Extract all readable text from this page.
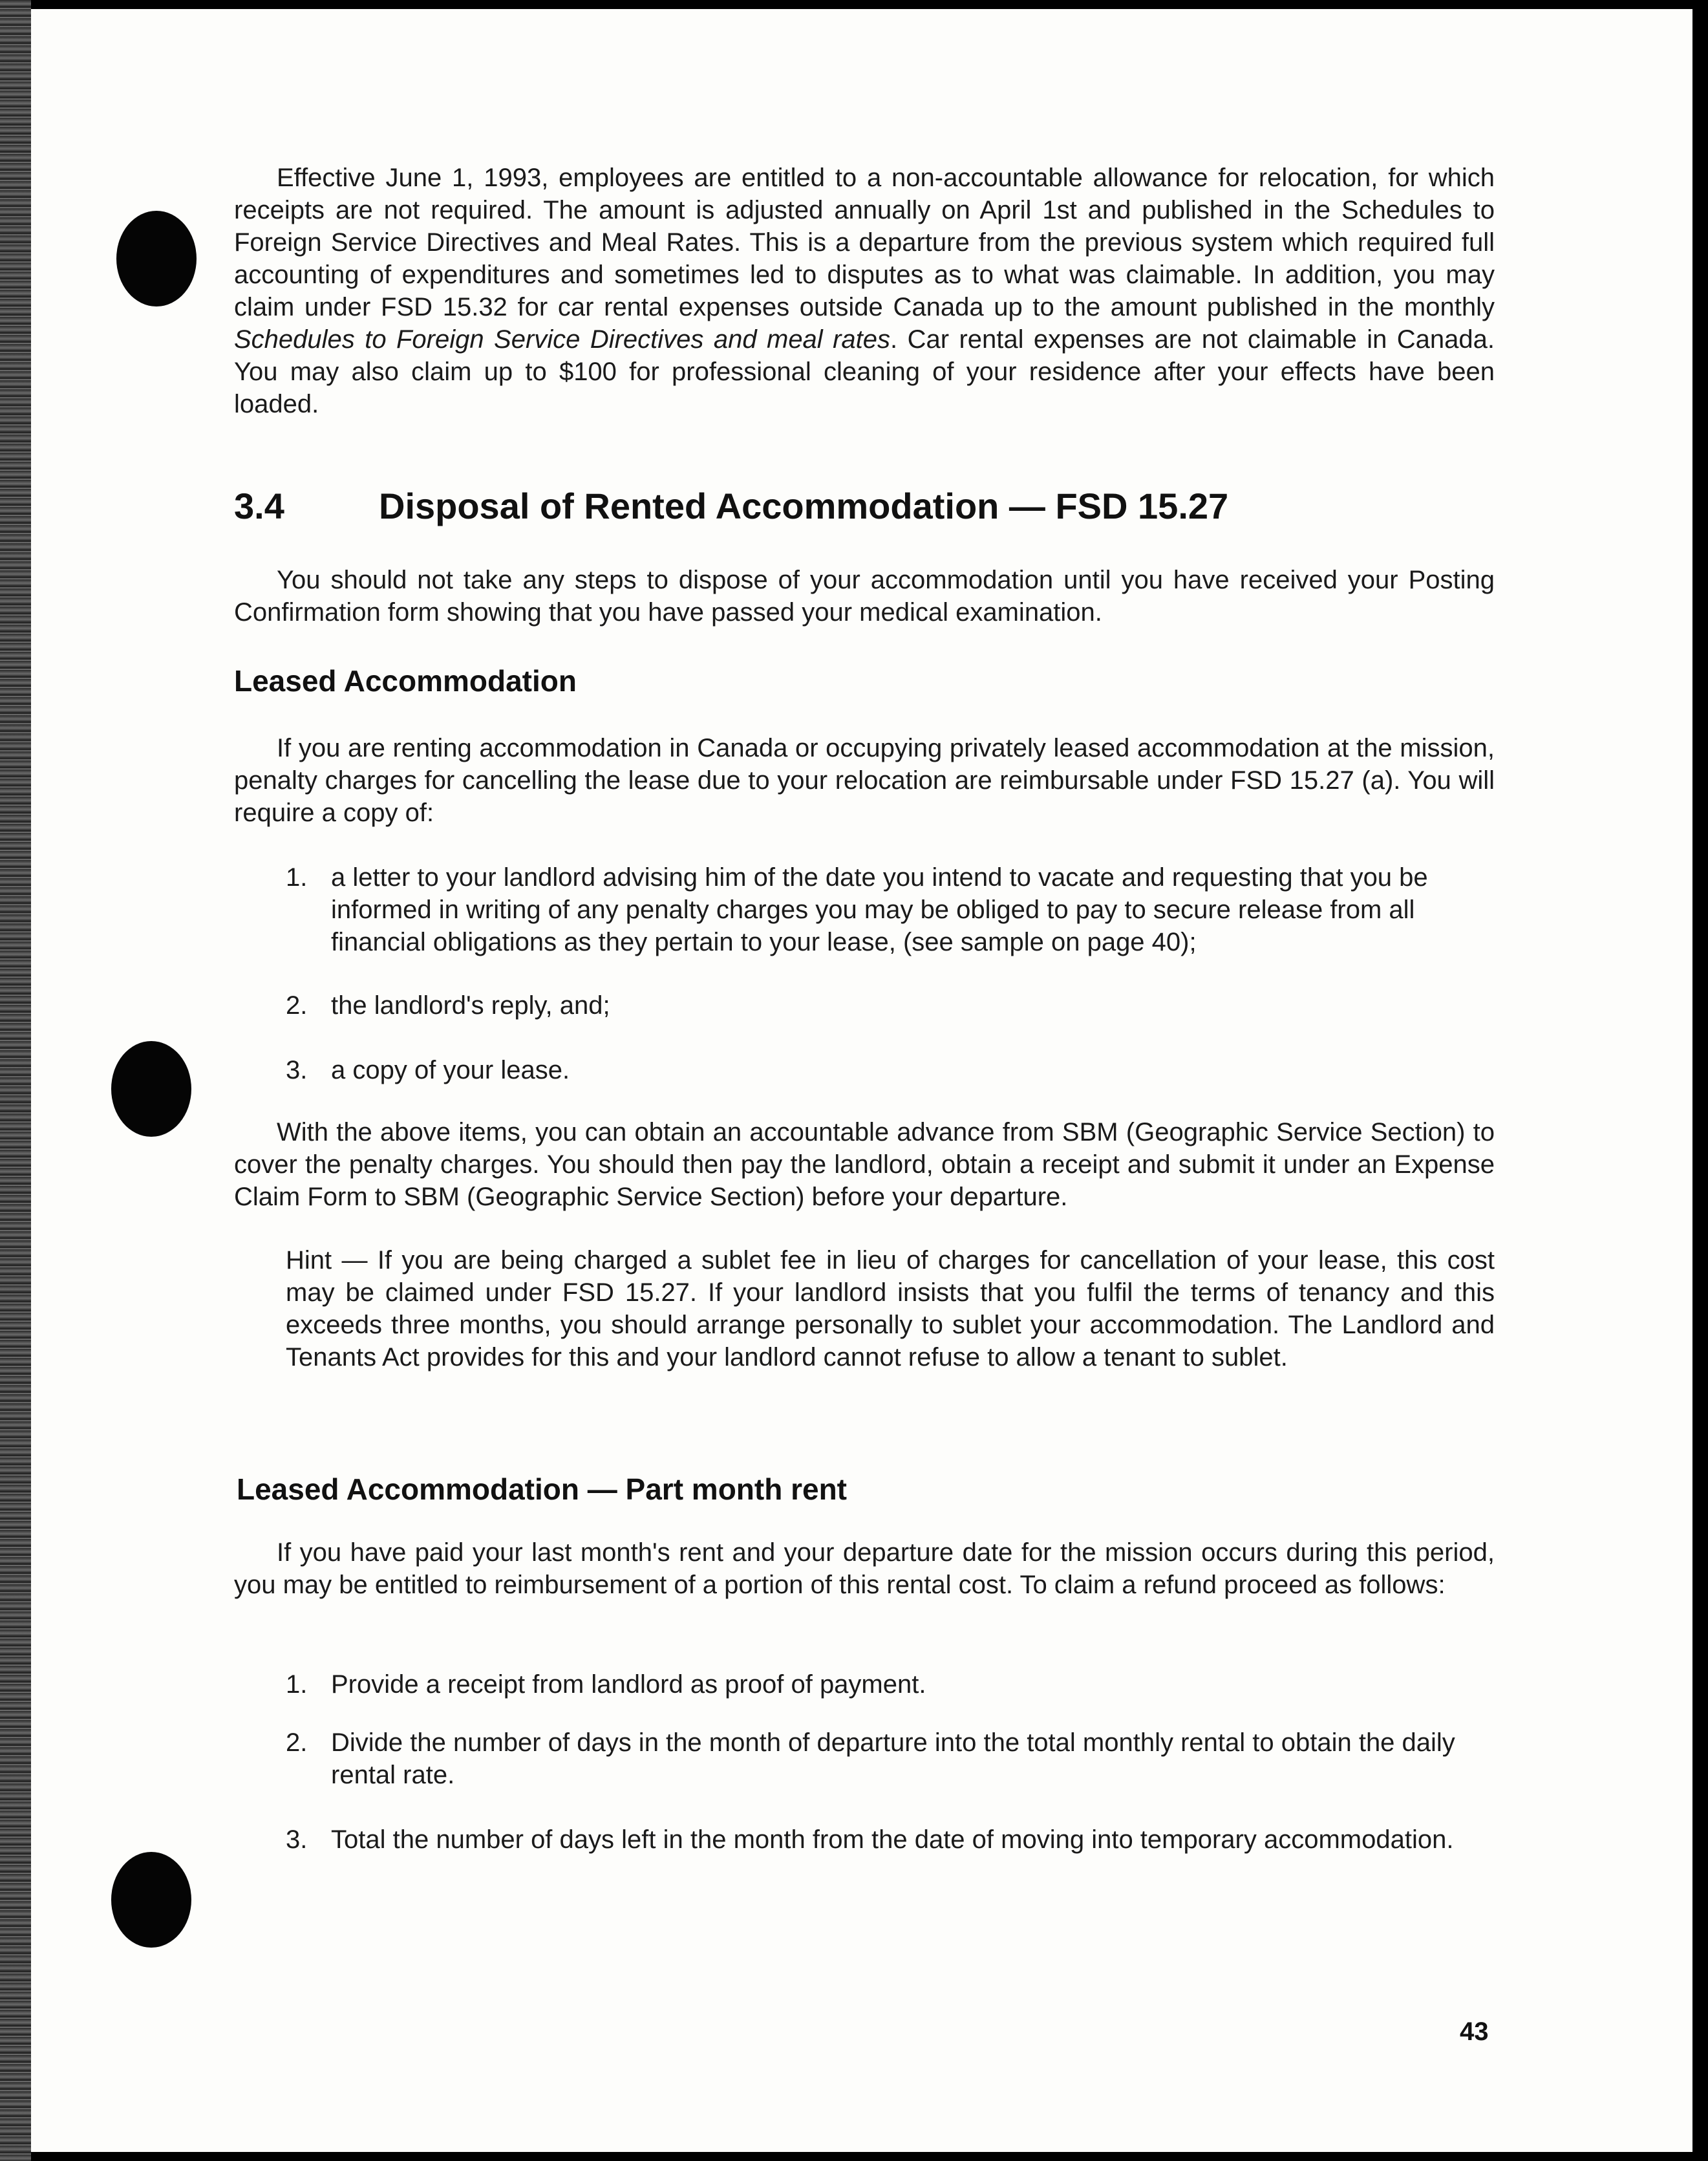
Effective June 1, 1993, employees are entitled to a non-accountable allowance for relocation, for which receipts are not required. The amount is adjusted annually on April 1st and published in the Schedules to Foreign Service Directives and Meal Rates. This is a departure from the previous system which required full accounting of expenditures and sometimes led to disputes as to what was claimable. In addition, you may claim under FSD 15.32 for car rental expenses outside Canada up to the amount published in the monthly Schedules to Foreign Service Directives and meal rates. Car rental expenses are not claimable in Canada. You may also claim up to $100 for professional cleaning of your residence after your effects have been loaded.

3.4	Disposal of Rented Accommodation — FSD 15.27

You should not take any steps to dispose of your accommodation until you have received your Posting Confirmation form showing that you have passed your medical examination.

Leased Accommodation

If you are renting accommodation in Canada or occupying privately leased accommodation at the mission, penalty charges for cancelling the lease due to your relocation are reimbursable under FSD 15.27 (a). You will require a copy of:

1. a letter to your landlord advising him of the date you intend to vacate and requesting that you be informed in writing of any penalty charges you may be obliged to pay to secure release from all financial obligations as they pertain to your lease, (see sample on page 40);
2. the landlord's reply, and;
3. a copy of your lease.

With the above items, you can obtain an accountable advance from SBM (Geographic Service Section) to cover the penalty charges. You should then pay the landlord, obtain a receipt and submit it under an Expense Claim Form to SBM (Geographic Service Section) before your departure.

Hint — If you are being charged a sublet fee in lieu of charges for cancellation of your lease, this cost may be claimed under FSD 15.27. If your landlord insists that you fulfil the terms of tenancy and this exceeds three months, you should arrange personally to sublet your accommodation. The Landlord and Tenants Act provides for this and your landlord cannot refuse to allow a tenant to sublet.

Leased Accommodation — Part month rent

If you have paid your last month's rent and your departure date for the mission occurs during this period, you may be entitled to reimbursement of a portion of this rental cost. To claim a refund proceed as follows:

1. Provide a receipt from landlord as proof of payment.
2. Divide the number of days in the month of departure into the total monthly rental to obtain the daily rental rate.
3. Total the number of days left in the month from the date of moving into temporary accommodation.
43
